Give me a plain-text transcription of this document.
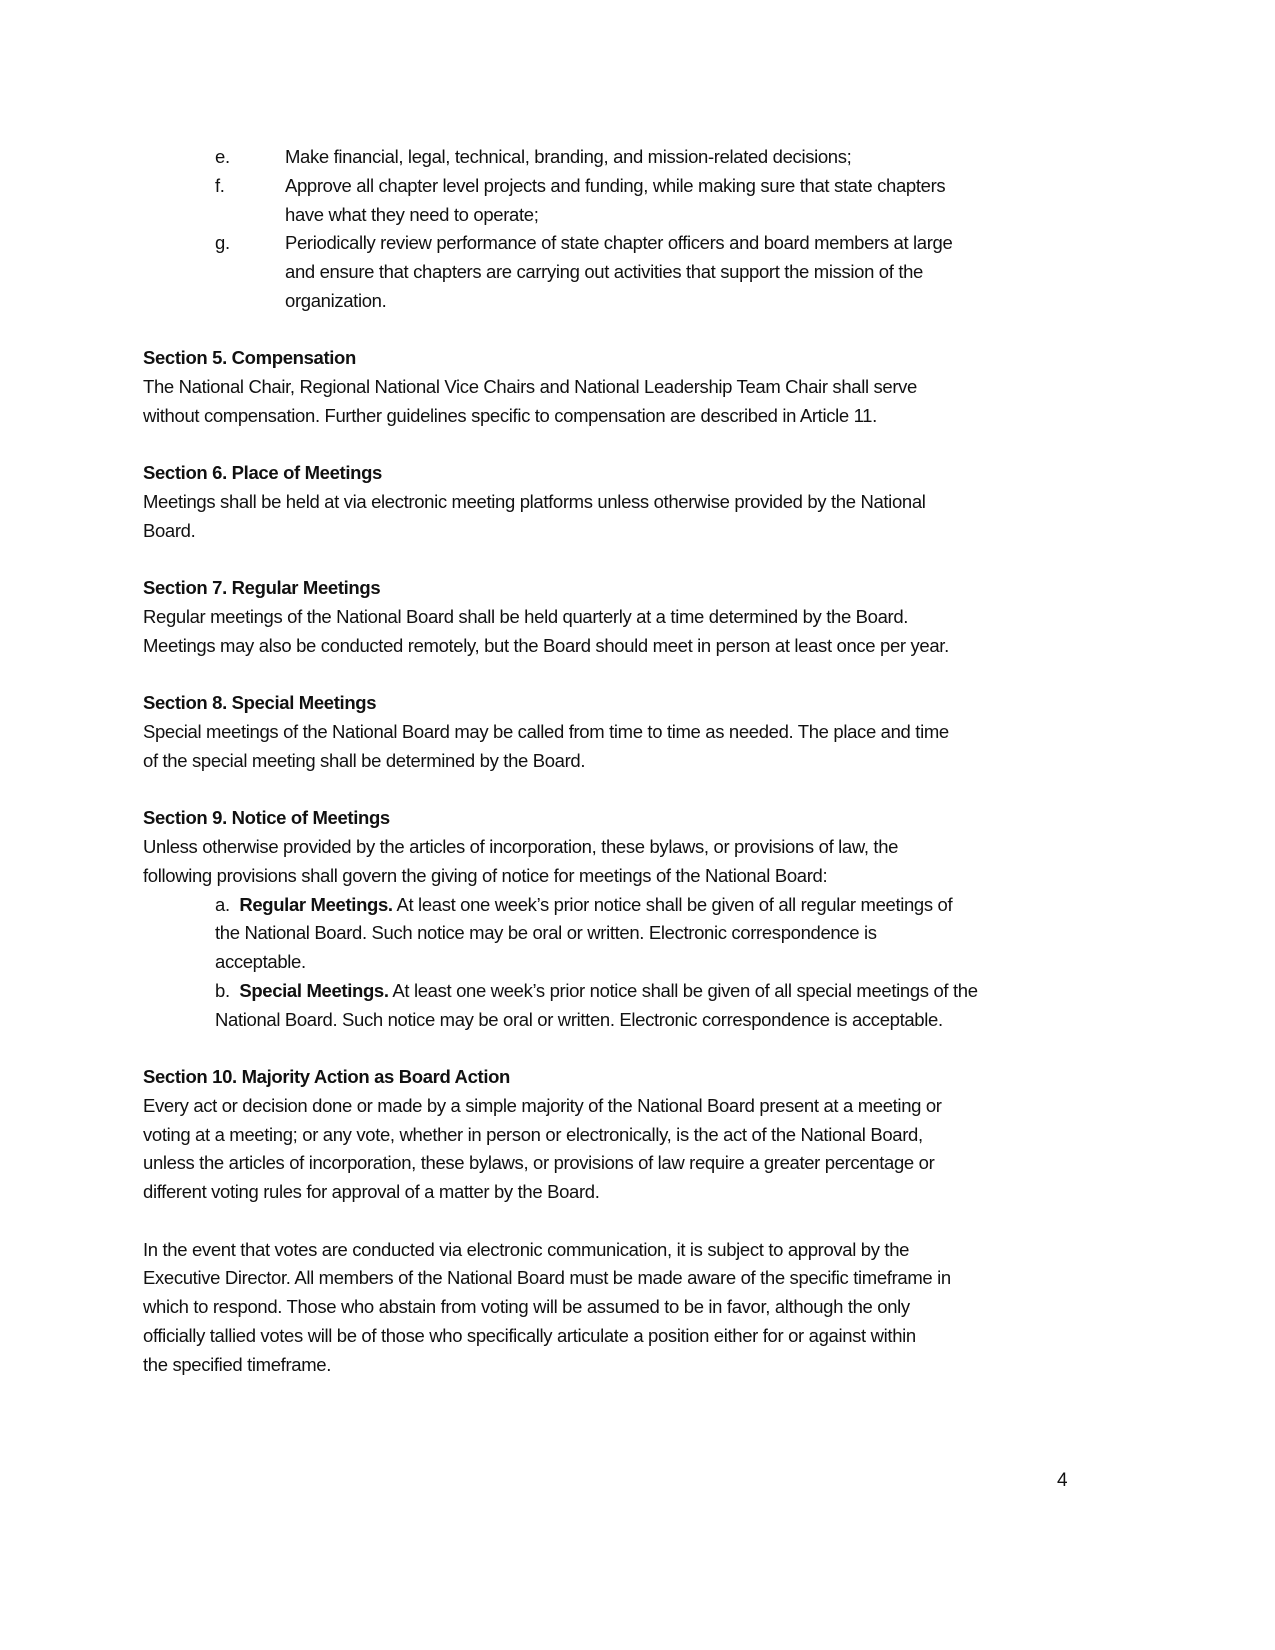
e.	Make financial, legal, technical, branding, and mission-related decisions;
f.	Approve all chapter level projects and funding, while making sure that state chapters
have what they need to operate;
g.	Periodically review performance of state chapter officers and board members at large
and ensure that chapters are carrying out activities that support the mission of the
organization.
Section 5. Compensation
The National Chair, Regional National Vice Chairs and National Leadership Team Chair shall serve
without compensation. Further guidelines specific to compensation are described in Article 11.
Section 6. Place of Meetings
Meetings shall be held at via electronic meeting platforms unless otherwise provided by the National
Board.
Section 7. Regular Meetings
Regular meetings of the National Board shall be held quarterly at a time determined by the Board.
Meetings may also be conducted remotely, but the Board should meet in person at least once per year.
Section 8. Special Meetings
Special meetings of the National Board may be called from time to time as needed. The place and time
of the special meeting shall be determined by the Board.
Section 9. Notice of Meetings
Unless otherwise provided by the articles of incorporation, these bylaws, or provisions of law, the
following provisions shall govern the giving of notice for meetings of the National Board:
a. Regular Meetings. At least one week’s prior notice shall be given of all regular meetings of
the National Board. Such notice may be oral or written. Electronic correspondence is
acceptable.
b. Special Meetings. At least one week’s prior notice shall be given of all special meetings of the
National Board. Such notice may be oral or written. Electronic correspondence is acceptable.
Section 10. Majority Action as Board Action
Every act or decision done or made by a simple majority of the National Board present at a meeting or
voting at a meeting; or any vote, whether in person or electronically, is the act of the National Board,
unless the articles of incorporation, these bylaws, or provisions of law require a greater percentage or
different voting rules for approval of a matter by the Board.
In the event that votes are conducted via electronic communication, it is subject to approval by the
Executive Director. All members of the National Board must be made aware of the specific timeframe in
which to respond. Those who abstain from voting will be assumed to be in favor, although the only
officially tallied votes will be of those who specifically articulate a position either for or against within
the specified timeframe.
4
